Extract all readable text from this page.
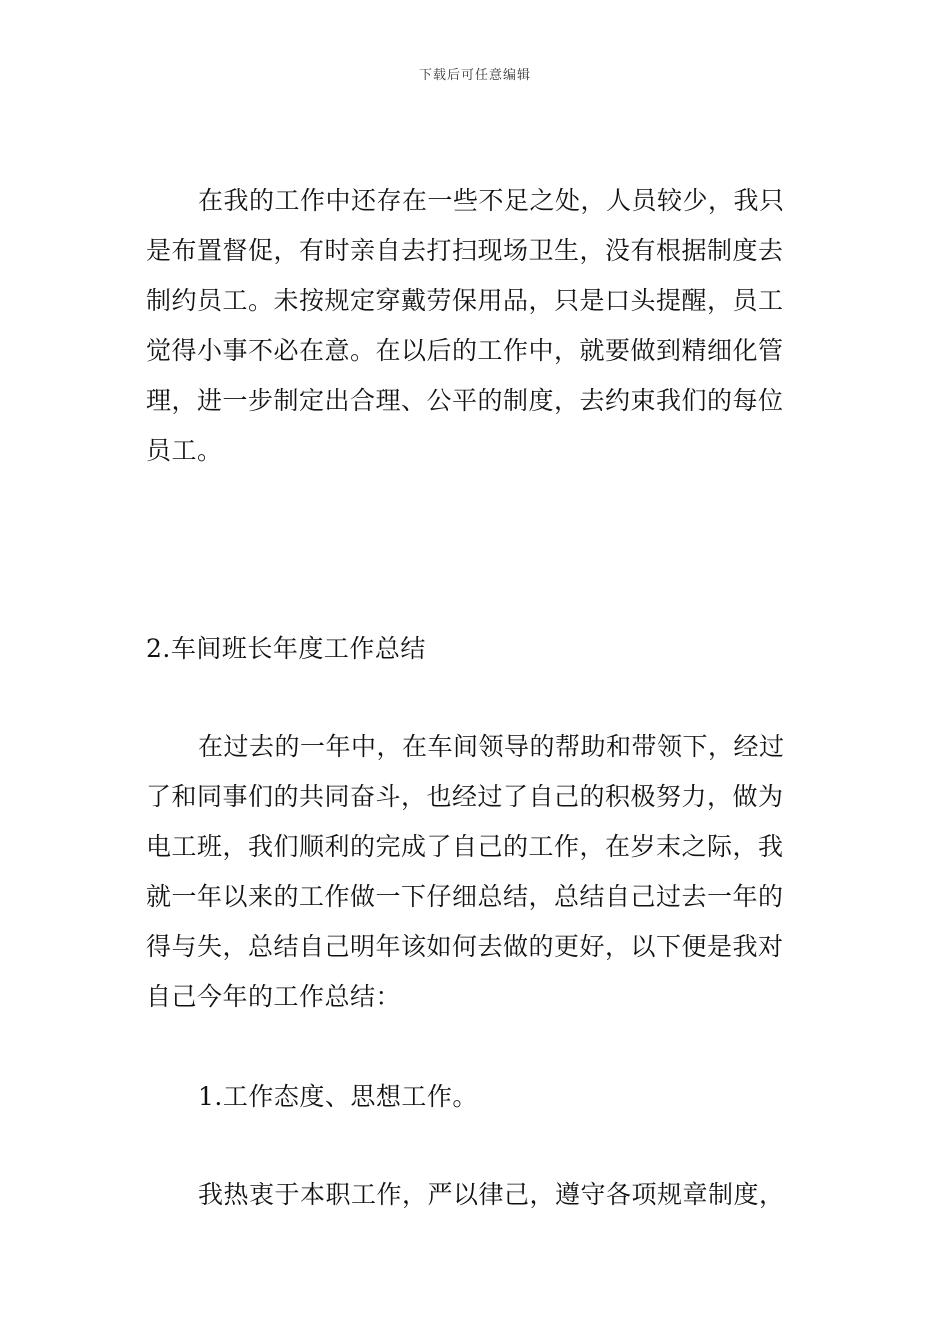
下载后可任意编辑
在我的工作中还存在一些不足之处，人员较少，我只
是布置督促，有时亲自去打扫现场卫生，没有根据制度去
制约员工。未按规定穿戴劳保用品，只是口头提醒，员工
觉得小事不必在意。在以后的工作中，就要做到精细化管
理，进一步制定出合理、公平的制度，去约束我们的每位
员工。
2.车间班长年度工作总结
在过去的一年中，在车间领导的帮助和带领下，经过
了和同事们的共同奋斗，也经过了自己的积极努力，做为
电工班，我们顺利的完成了自己的工作，在岁末之际，我
就一年以来的工作做一下仔细总结，总结自己过去一年的
得与失，总结自己明年该如何去做的更好，以下便是我对
自己今年的工作总结：
1.工作态度、思想工作。
我热衷于本职工作，严以律己，遵守各项规章制度，
